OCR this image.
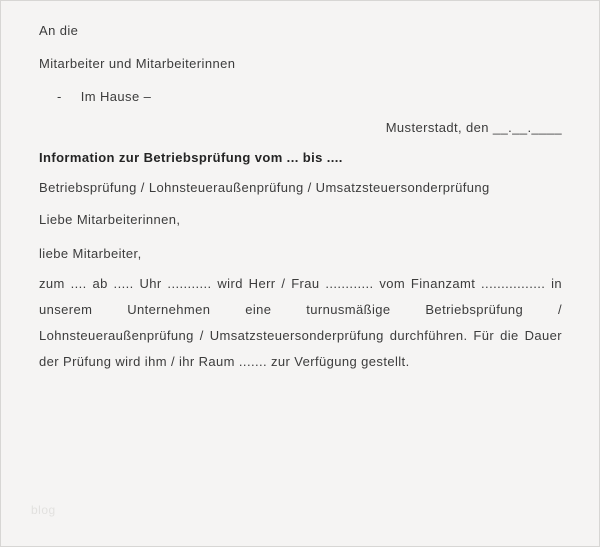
blog

An die

Mitarbeiter und Mitarbeiterinnen

- Im Hause –

Musterstadt, den __.__.____

Information zur Betriebsprüfung vom ... bis ....

Betriebsprüfung / Lohnsteueraußenprüfung / Umsatzsteuersonderprüfung

Liebe Mitarbeiterinnen,

liebe Mitarbeiter,

zum .... ab ..... Uhr ........... wird Herr / Frau ............ vom Finanzamt ................ in unserem Unternehmen eine turnusmäßige Betriebsprüfung / Lohnsteueraußenprüfung / Umsatzsteuersonderprüfung durchführen. Für die Dauer der Prüfung wird ihm / ihr Raum ....... zur Verfügung gestellt.
